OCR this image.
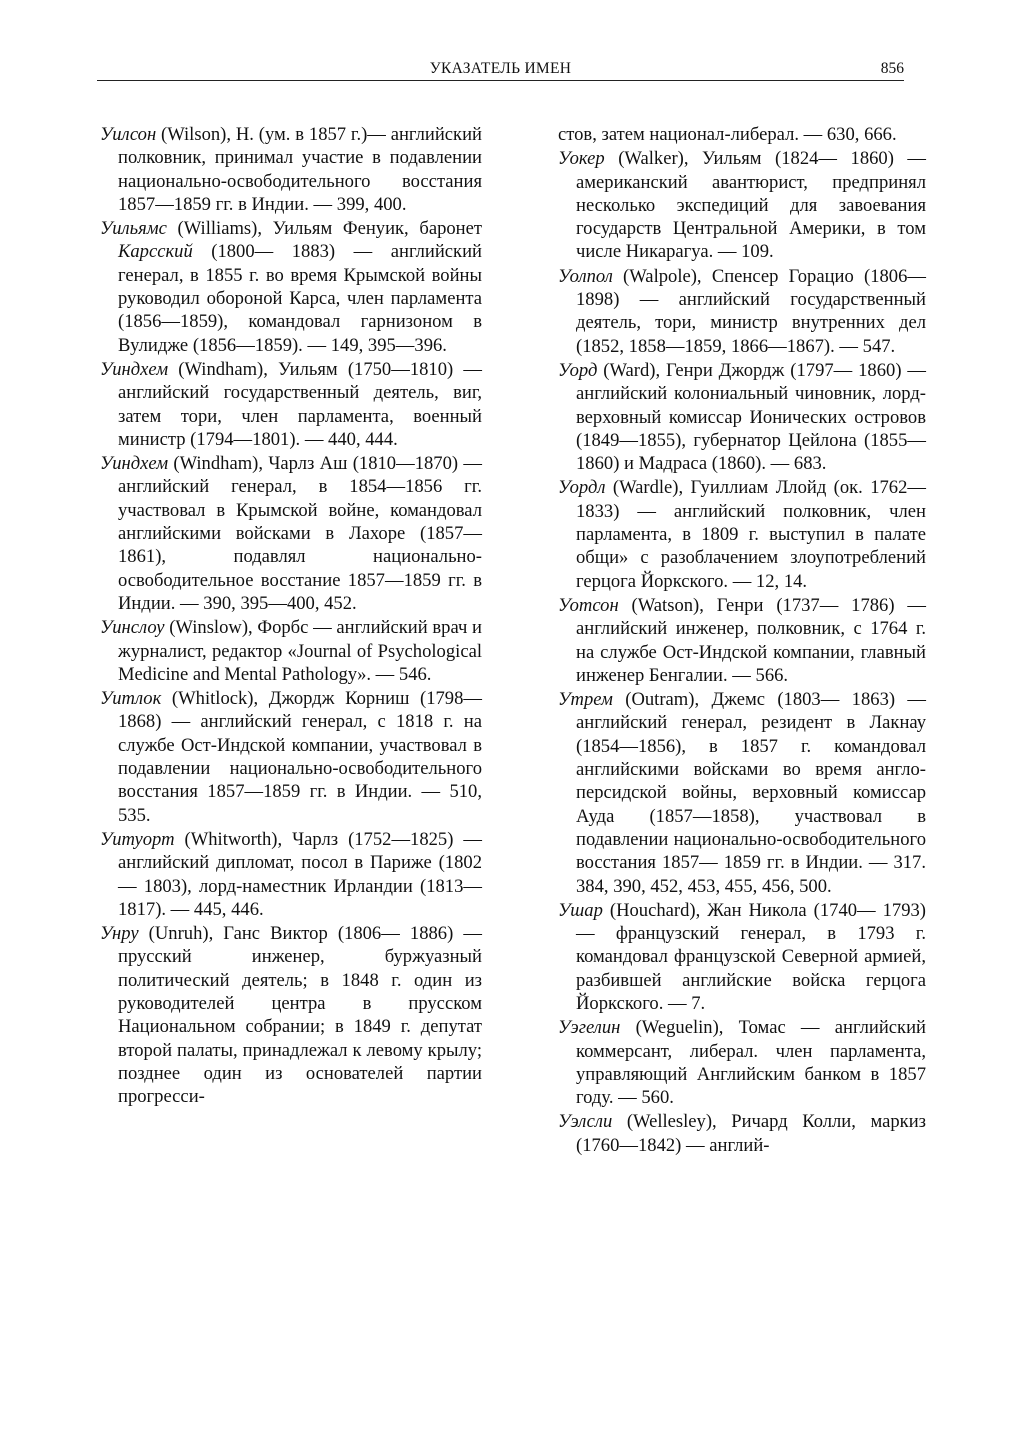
УКАЗАТЕЛЬ ИМЕН	856
Уилсон (Wilson), Н. (ум. в 1857 г.)— английский полковник, принимал участие в подавлении национально-освободительного восстания 1857—1859 гг. в Индии. — 399, 400.
Уильямс (Williams), Уильям Фенуик, баронет Карсский (1800— 1883) — английский генерал, в 1855 г. во время Крымской войны руководил обороной Карса, член парламента (1856—1859), командовал гарнизоном в Вулидже (1856—1859). — 149, 395—396.
Уиндхем (Windham), Уильям (1750—1810) — английский государственный деятель, виг, затем тори, член парламента, военный министр (1794—1801). — 440, 444.
Уиндхем (Windham), Чарлз Аш (1810—1870) — английский генерал, в 1854—1856 гг. участвовал в Крымской войне, командовал английскими войсками в Лахоре (1857—1861), подавлял национально-освободительное восстание 1857—1859 гг. в Индии. — 390, 395—400, 452.
Уинслоу (Winslow), Форбс — английский врач и журналист, редактор «Journal of Psychological Medicine and Mental Pathology». — 546.
Уитлок (Whitlock), Джордж Корниш (1798—1868) — английский генерал, с 1818 г. на службе Ост-Индской компании, участвовал в подавлении национально-освободительного восстания 1857—1859 гг. в Индии. — 510, 535.
Уитуорт (Whitworth), Чарлз (1752—1825) — английский дипломат, посол в Париже (1802— 1803), лорд-наместник Ирландии (1813—1817). — 445, 446.
Унру (Unruh), Ганс Виктор (1806— 1886) — прусский инженер, буржуазный политический деятель; в 1848 г. один из руководителей центра в прусском Национальном собрании; в 1849 г. депутат второй палаты, принадлежал к левому крылу; позднее один из основателей партии прогресси-
стов, затем национал-либерал. — 630, 666.
Уокер (Walker), Уильям (1824— 1860) — американский авантюрист, предпринял несколько экспедиций для завоевания государств Центральной Америки, в том числе Никарагуа. — 109.
Уолпол (Walpole), Спенсер Горацио (1806—1898) — английский государственный деятель, тори, министр внутренних дел (1852, 1858—1859, 1866—1867). — 547.
Уорд (Ward), Генри Джордж (1797— 1860) — английский колониальный чиновник, лорд-верховный комиссар Ионических островов (1849—1855), губернатор Цейлона (1855—1860) и Мадраса (1860). — 683.
Уордл (Wardle), Гуиллиам Ллойд (ок. 1762—1833) — английский полковник, член парламента, в 1809 г. выступил в палате общи» с разоблачением злоупотреблений герцога Йоркского. — 12, 14.
Уотсон (Watson), Генри (1737— 1786) — английский инженер, полковник, с 1764 г. на службе Ост-Индской компании, главный инженер Бенгалии. — 566.
Утрем (Outram), Джемс (1803— 1863) — английский генерал, резидент в Лакнау (1854—1856), в 1857 г. командовал английскими войсками во время англо-персидской войны, верховный комиссар Ауда (1857—1858), участвовал в подавлении национально-освободительного восстания 1857— 1859 гг. в Индии. — 317. 384, 390, 452, 453, 455, 456, 500.
Ушар (Houchard), Жан Никола (1740— 1793) — французский генерал, в 1793 г. командовал французской Северной армией, разбившей английские войска герцога Йоркского. — 7.
Уэгелин (Weguelin), Томас — английский коммерсант, либерал. член парламента, управляющий Английским банком в 1857 году. — 560.
Уэлсли (Wellesley), Ричард Колли, маркиз (1760—1842) — англий-
